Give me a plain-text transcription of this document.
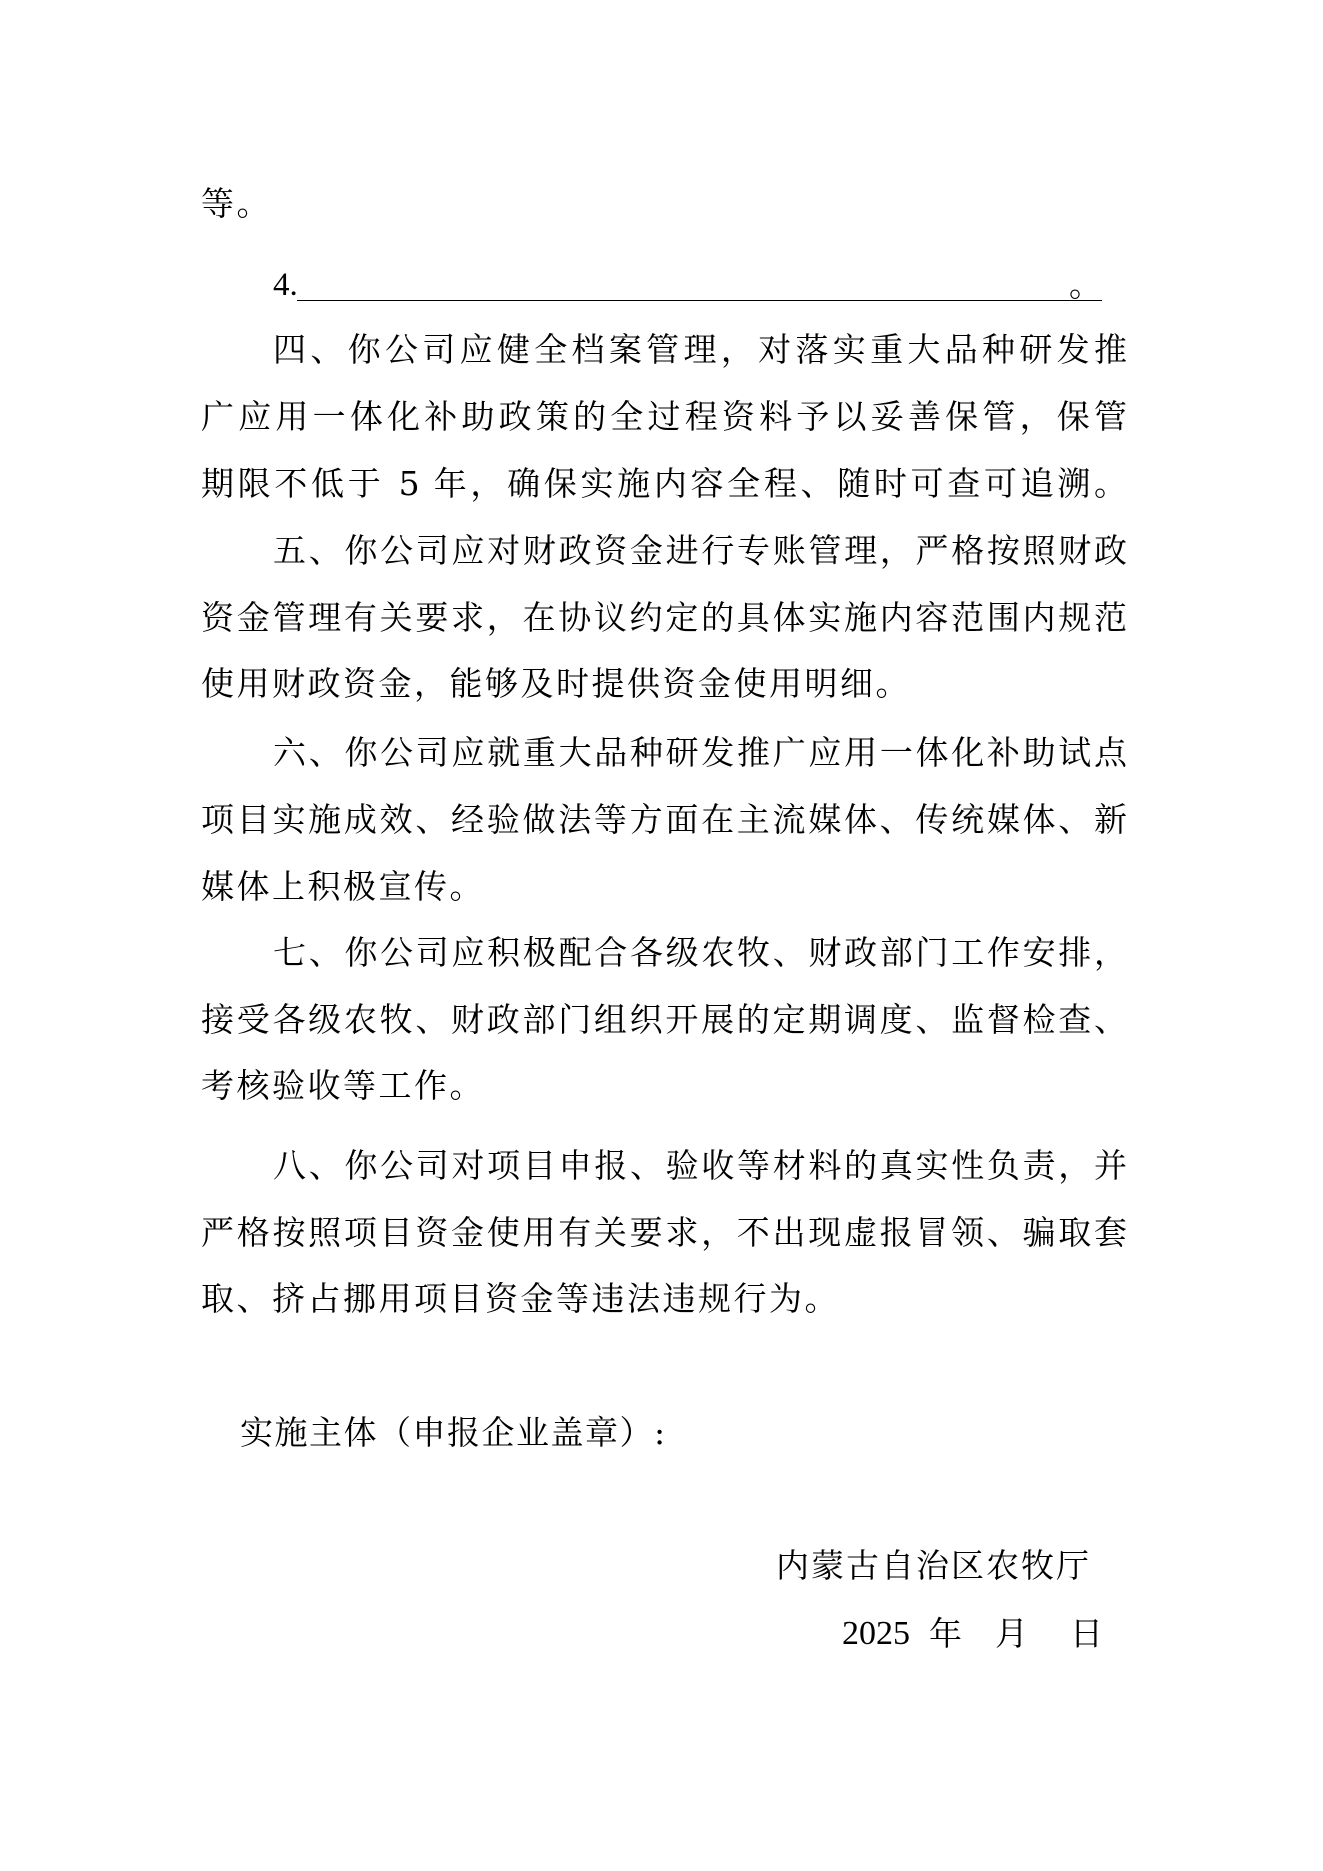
等。
4.	。
四、你公司应健全档案管理，对落实重大品种研发推
广应用一体化补助政策的全过程资料予以妥善保管，保管
期限不低于 5 年，确保实施内容全程、随时可查可追溯。
五、你公司应对财政资金进行专账管理，严格按照财政
资金管理有关要求，在协议约定的具体实施内容范围内规范
使用财政资金，能够及时提供资金使用明细。
六、你公司应就重大品种研发推广应用一体化补助试点
项目实施成效、经验做法等方面在主流媒体、传统媒体、新
媒体上积极宣传。
七、你公司应积极配合各级农牧、财政部门工作安排，
接受各级农牧、财政部门组织开展的定期调度、监督检查、
考核验收等工作。
八、你公司对项目申报、验收等材料的真实性负责，并
严格按照项目资金使用有关要求，不出现虚报冒领、骗取套
取、挤占挪用项目资金等违法违规行为。
实施主体（申报企业盖章）:
内蒙古自治区农牧厅
2025 年 月 日
